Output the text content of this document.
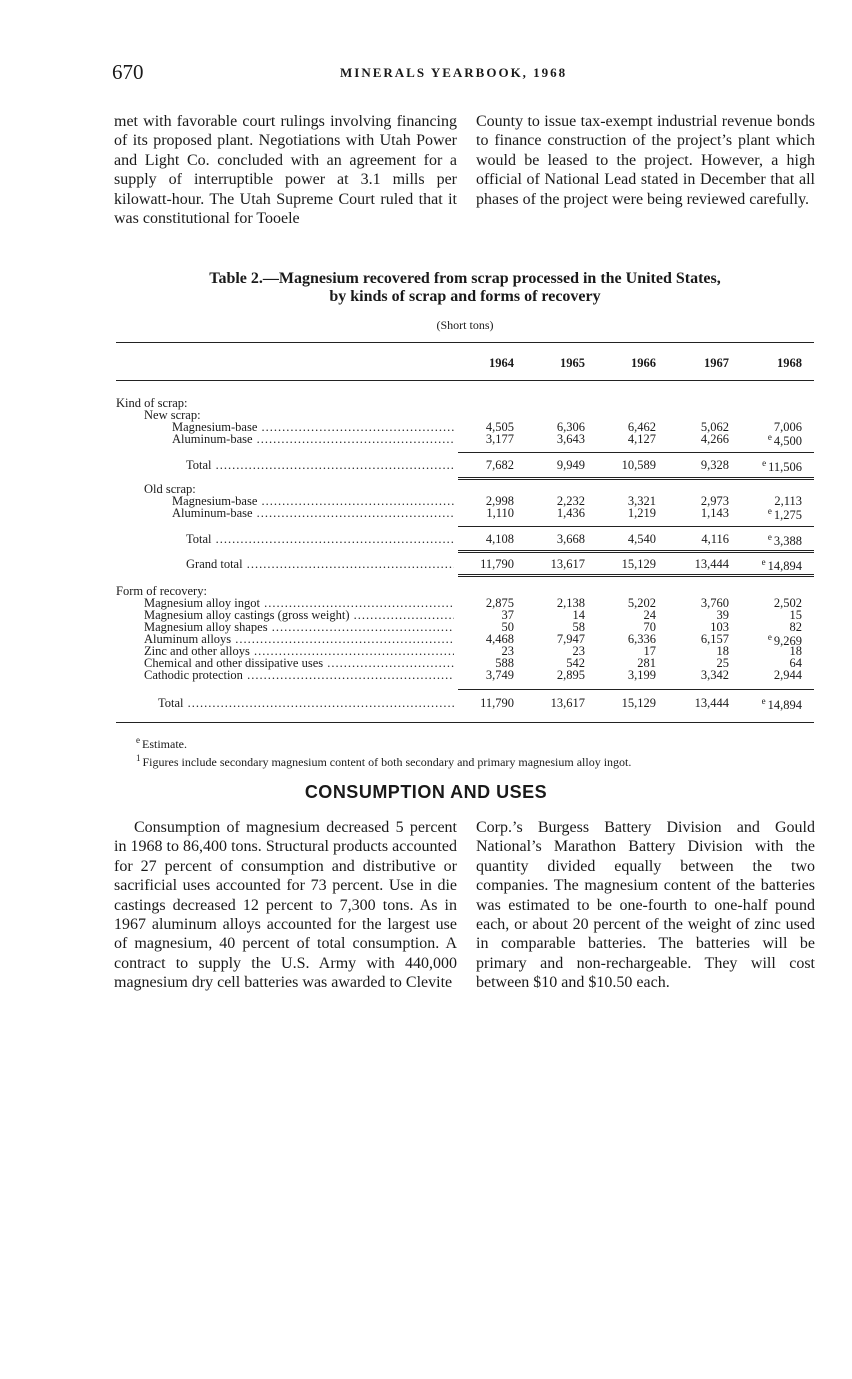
670	MINERALS YEARBOOK, 1968

met with favorable court rulings involving financing of its proposed plant. Negotiations with Utah Power and Light Co. concluded with an agreement for a supply of interruptible power at 3.1 mills per kilowatt-hour. The Utah Supreme Court ruled that it was constitutional for Tooele

County to issue tax-exempt industrial revenue bonds to finance construction of the project’s plant which would be leased to the project. However, a high official of National Lead stated in December that all phases of the project were being reviewed carefully.

Table 2.—Magnesium recovered from scrap processed in the United States,
by kinds of scrap and forms of recovery
(Short tons)
1964	1965	1966	1967	1968
Kind of scrap:
New scrap:
Magnesium-base .....	4,505	6,306	6,462	5,062	7,006
Aluminum-base .....	3,177	3,643	4,127	4,266	$^e$ 4,500
Total .....	7,682	9,949	10,589	9,328	$^e$ 11,506
Old scrap:
Magnesium-base .....	2,998	2,232	3,321	2,973	2,113
Aluminum-base .....	1,110	1,436	1,219	1,143	$^e$ 1,275
Total .....	4,108	3,668	4,540	4,116	$^e$ 3,388
Grand total .....	11,790	13,617	15,129	13,444	$^e$ 14,894
Form of recovery:
Magnesium alloy ingot .....	2,875	2,138	5,202	3,760	2,502
Magnesium alloy castings (gross weight) .....	37	14	24	39	15
Magnesium alloy shapes .....	50	58	70	103	82
Aluminum alloys .....	4,468	7,947	6,336	6,157	$^e$ 9,269
Zinc and other alloys .....	23	23	17	18	18
Chemical and other dissipative uses .....	588	542	281	25	64
Cathodic protection .....	3,749	2,895	3,199	3,342	2,944
Total .....	11,790	13,617	15,129	13,444	$^e$ 14,894
$^e$ Estimate.
$^1$ Figures include secondary magnesium content of both secondary and primary magnesium alloy ingot.
CONSUMPTION AND USES

Consumption of magnesium decreased 5 percent in 1968 to 86,400 tons. Structural products accounted for 27 percent of consumption and distributive or sacrificial uses accounted for 73 percent. Use in die castings decreased 12 percent to 7,300 tons. As in 1967 aluminum alloys accounted for the largest use of magnesium, 40 percent of total consumption. A contract to supply the U.S. Army with 440,000 magnesium dry cell batteries was awarded to Clevite

Corp.’s Burgess Battery Division and Gould National’s Marathon Battery Division with the quantity divided equally between the two companies. The magnesium content of the batteries was estimated to be one-fourth to one-half pound each, or about 20 percent of the weight of zinc used in comparable batteries. The batteries will be primary and non-rechargeable. They will cost between $10 and $10.50 each.
